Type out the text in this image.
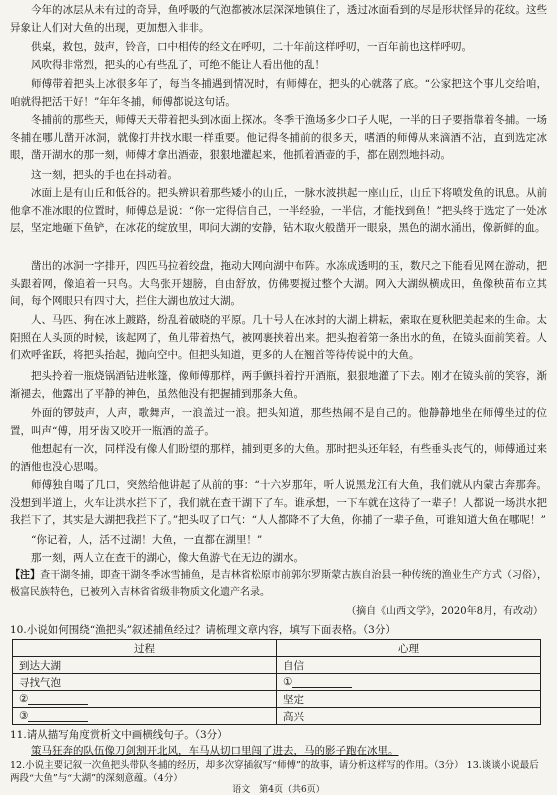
今年的冰层从未有过的奇异，鱼呼吸的气泡都被冰层深深地镇住了，透过冰面看到的尽是形状怪异的花纹。这些异象让人们对大鱼的出现，更加想入非非。

供桌，救包，鼓声，铃音，口中相传的经文在呼叨，二十年前这样呼叨，一百年前也这样呼叨。

风吹得非常烈，把头的心有些乱了，可绝不能让人看出他的乱！

师傅带着把头上冰很多年了，每当冬捕遇到情况时，有师傅在，把头的心就落了底。“公家把这个事儿交给咱，咱就得把活干好！”年年冬捕，师傅都说这句话。

冬捕前的那些天，师傅天天带着把头到冰面上探冰。冬季干渔场多少口子人呢，一半的日子要指靠着冬捕。一场冬捕在哪儿凿开冰洞，就像打井找水眼一样重要。他记得冬捕前的很多天，嗜酒的师傅从来滴酒不沾，直到选定冰眼，凿开湖水的那一刻，师傅才拿出酒壶，狠狠地灌起来，他抓着酒壶的手，都在剧烈地抖动。

这一刻，把头的手也在抖动着。

冰面上是有山丘和低谷的。把头辨识着那些矮小的山丘，一脉水波拱起一座山丘，山丘下将喷发鱼的讯息。从前他拿不准冰眼的位置时，师傅总是说：“你一定得信自己，一半经验，一半信，才能找到鱼！”把头终于选定了一处冰层，坚定地砸下鱼铲，在冰花的绽放里，叩问大湖的安静，钻木取火般凿开一眼泉，黑色的湖水涌出，像新鲜的血。

凿出的冰洞一字排开，四匹马拉着绞盘，拖动大网向湖中布阵。水冻成透明的玉，数尺之下能看见网在游动，把头跟着网，像追着一只鸟。大鸟张开翅膀，自由舒放，仿佛要搅过整个大湖。网入大湖纵横成田，鱼像秧苗布立其间，每个网眼只有四寸大，拦住大湖也放过大湖。

人、马匹、狗在冰上踱路，纷乱着破晓的平原。几十号人在冰封的大湖上耕耘，索取在夏秋肥美起来的生命。太阳照在人头顶的时候，该起网了，鱼儿带着热气，被网裹挟着出来。把头抱着第一条出水的鱼，在镜头面前笑着。人们欢呼雀跃，将把头抬起，抛向空中。但把头知道，更多的人在翘首等待传说中的大鱼。

把头拎着一瓶烧锅酒钻进帐篷，像师傅那样，两手颤抖着拧开酒瓶，狠狠地灌了下去。刚才在镜头前的笑容，渐渐褪去，他露出了平静的神色，虽然他没有把握捕到那条大鱼。

外面的锣鼓声，人声，歌舞声，一浪盖过一浪。把头知道，那些热闹不是自己的。他静静地坐在师傅坐过的位置，叫声“傅，用牙齿又咬开一瓶酒的盖子。

他想起有一次，同样没有像人们盼望的那样，捕到更多的大鱼。那时把头还年轻，有些垂头丧气的，师傅通过来的酒他也没心思喝。

师傅独自喝了几口，突然给他讲起了从前的事：“十六岁那年，听人说黑龙江有大鱼，我们就从内蒙古奔那奔。没想到半道上，火车让洪水拦下了，我们就在查干湖下了车。谁承想，一下车就在这待了一辈子！人都说一场洪水把我拦下了，其实是大湖把我拦下了。”把头叹了口气：“人人都降不了大鱼，你捕了一辈子鱼，可谁知道大鱼在哪呢！”

“你记着，人，活不过湖！大鱼，一直都在湖里！”

那一刻，两人立在查干的湖心，像大鱼游弋在无边的湖水。

【注】查干湖冬捕，即查干湖冬季冰雪捕鱼，是吉林省松原市前郭尔罗斯蒙古族自治县一种传统的渔业生产方式（习俗），极富民族特色，已被列入吉林省省级非物质文化遗产名录。

（摘自《山西文学》，2020年8月，有改动）

10.小说如何围绕“渔把头”叙述捕鱼经过？请梳理文章内容，填写下面表格。（3分）

过程	心理
到达大湖	自信
寻找气泡	①
②	坚定
③	高兴

11.请从描写角度赏析文中画横线句子。（3分）

策马狂奔的队伍像刀剑割开北风，车马从切口里闯了进去，马的影子跑在冰里。

12.小说主要记叙一次鱼把头带队冬捕的经历，却多次穿插叙写“师傅”的故事，请分析这样写的作用。（3分） 13.谈谈小说最后两段“大鱼”与“大湖”的深刻意蕴。（4分）

语文　第4页（共6页）
